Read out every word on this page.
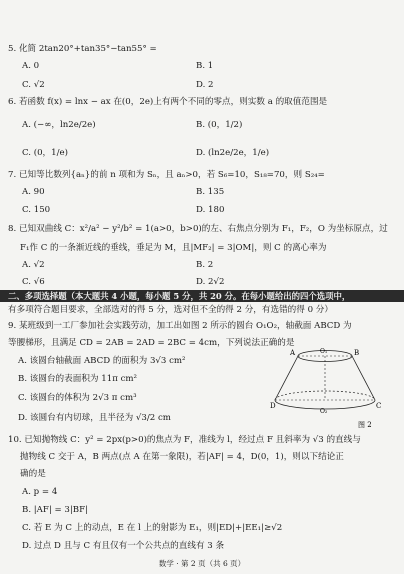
5. 化简 2tan20°+tan35°−tan55° =
A. 0	B. 1
C. √2	D. 2
6. 若函数 f(x) = lnx − ax 在(0，2e)上有两个不同的零点，则实数 a 的取值范围是
A. (−∞，ln2e/2e)	B. (0，1/2)
C. (0，1/e)	D. (ln2e/2e，1/e)
7. 已知等比数列{aₙ}的前 n 项和为 Sₙ，且 aₙ>0，若 S₆=10，S₁₈=70，则 S₂₄=
A. 90	B. 135
C. 150	D. 180
8. 已知双曲线 C：x²/a² − y²/b² = 1(a>0，b>0)的左、右焦点分别为 F₁，F₂，O 为坐标原点，过
F₁作 C 的一条渐近线的垂线，垂足为 M，且|MF₂| = 3|OM|，则 C 的离心率为
A. √2	B. 2
C. √6	D. 2√2
二、多项选择题（本大题共 4 小题，每小题 5 分，共 20 分。在每小题给出的四个选项中，
有多项符合题目要求，全部选对的得 5 分，选对但不全的得 2 分，有选错的得 0 分）
9. 某班级到一工厂参加社会实践劳动，加工出如图 2 所示的圆台 O₁O₂，轴截面 ABCD 为
等腰梯形，且满足 CD = 2AB = 2AD = 2BC = 4cm，下列说法正确的是
A. 该圆台轴截面 ABCD 的面积为 3√3 cm²
B. 该圆台的表面积为 11π cm²
C. 该圆台的体积为 2√3 π cm³
D. 该圆台有内切球，且半径为 √3/2 cm
A	B
O₁
D	C
O₂
图 2
10. 已知抛物线 C：y² = 2px(p>0)的焦点为 F，准线为 l，经过点 F 且斜率为 √3 的直线与
抛物线 C 交于 A，B 两点(点 A 在第一象限)，若|AF| = 4，D(0，1)，则以下结论正
确的是
A. p = 4
B. |AF| = 3|BF|
C. 若 E 为 C 上的动点，E 在 l 上的射影为 E₁，则|ED|+|EE₁|≥√2
D. 过点 D 且与 C 有且仅有一个公共点的直线有 3 条
数学 · 第 2 页（共 6 页）
